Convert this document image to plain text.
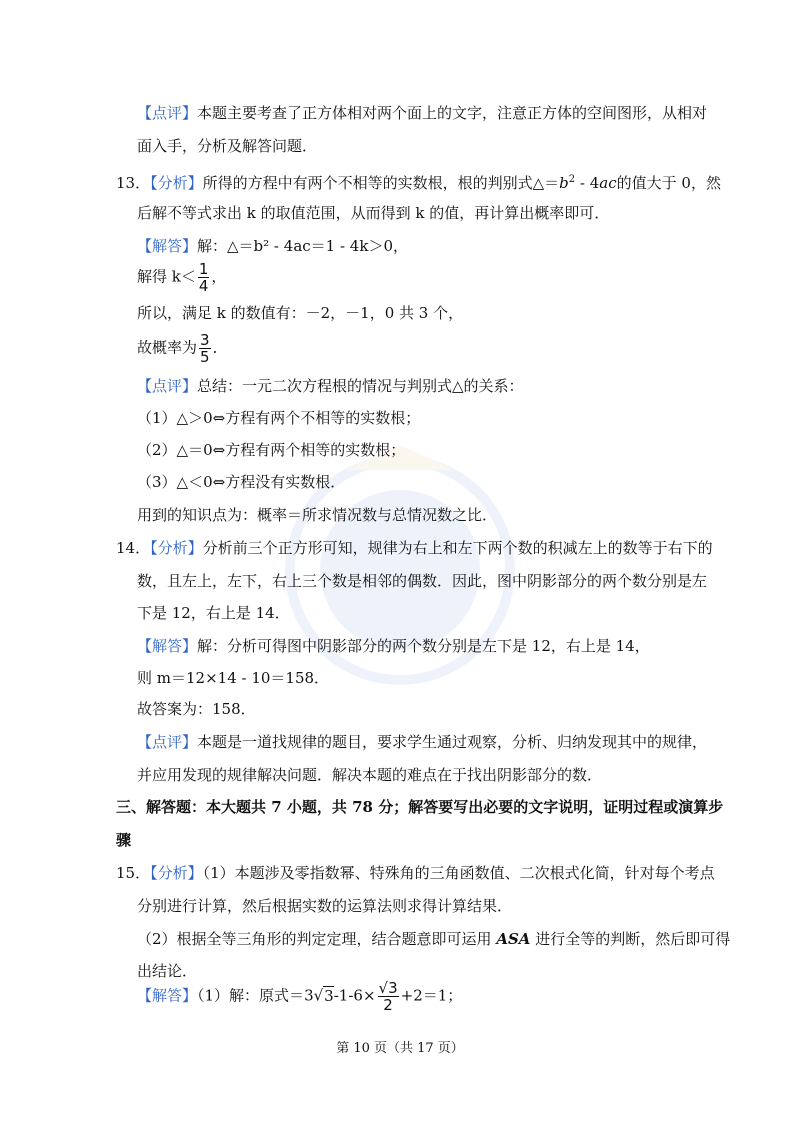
【点评】本题主要考查了正方体相对两个面上的文字，注意正方体的空间图形，从相对
面入手，分析及解答问题．
13．【分析】所得的方程中有两个不相等的实数根，根的判别式$\triangle=b^2 - 4ac$的值大于 0，然
后解不等式求出 k 的取值范围，从而得到 k 的值，再计算出概率即可．
【解答】解：△＝b² - 4ac＝1 - 4k＞0，
解得 $k< \frac{1}{4}$ ，
所以，满足 k 的数值有：－2，－1，0 共 3 个，
故概率为 $\frac{3}{5}$ ．
【点评】总结：一元二次方程根的情况与判别式△的关系：
（1）△＞0⇔方程有两个不相等的实数根；
（2）△＝0⇔方程有两个相等的实数根；
（3）△＜0⇔方程没有实数根．
用到的知识点为：概率＝所求情况数与总情况数之比．
14．【分析】分析前三个正方形可知，规律为右上和左下两个数的积减左上的数等于右下的
数，且左上，左下，右上三个数是相邻的偶数．因此，图中阴影部分的两个数分别是左
下是 12，右上是 14．
【解答】解：分析可得图中阴影部分的两个数分别是左下是 12，右上是 14，
则 m＝12×14 - 10＝158．
故答案为：158．
【点评】本题是一道找规律的题目，要求学生通过观察，分析、归纳发现其中的规律，
并应用发现的规律解决问题．解决本题的难点在于找出阴影部分的数．
三、解答题：本大题共 7 小题，共 78 分；解答要写出必要的文字说明，证明过程或演算步
骤
15．【分析】（1）本题涉及零指数幂、特殊角的三角函数值、二次根式化简，针对每个考点
分别进行计算，然后根据实数的运算法则求得计算结果．
（2）根据全等三角形的判定定理，结合题意即可运用 ASA 进行全等的判断，然后即可得
出结论．
【解答】（1）解：原式$=3√3-1-6\times \frac{√3}{2} +2=1$；
第 10 页（共 17 页）
